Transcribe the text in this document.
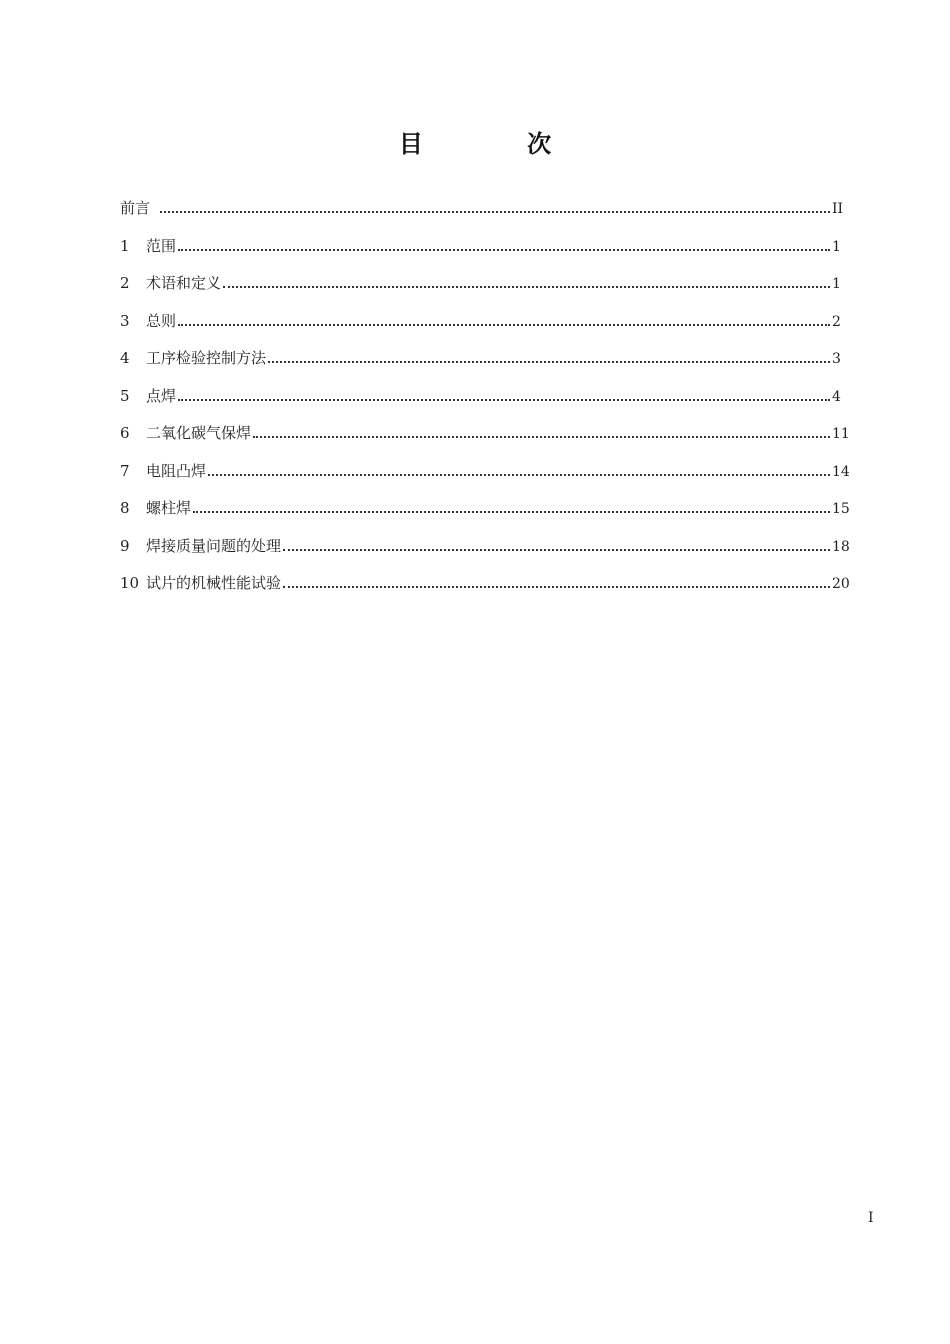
目 次
前言	II
1	范围	1
2	术语和定义	1
3	总则	2
4	工序检验控制方法	3
5	点焊	4
6	二氧化碳气保焊	11
7	电阻凸焊	14
8	螺柱焊	15
9	焊接质量问题的处理	18
10 试片的机械性能试验	20
I
